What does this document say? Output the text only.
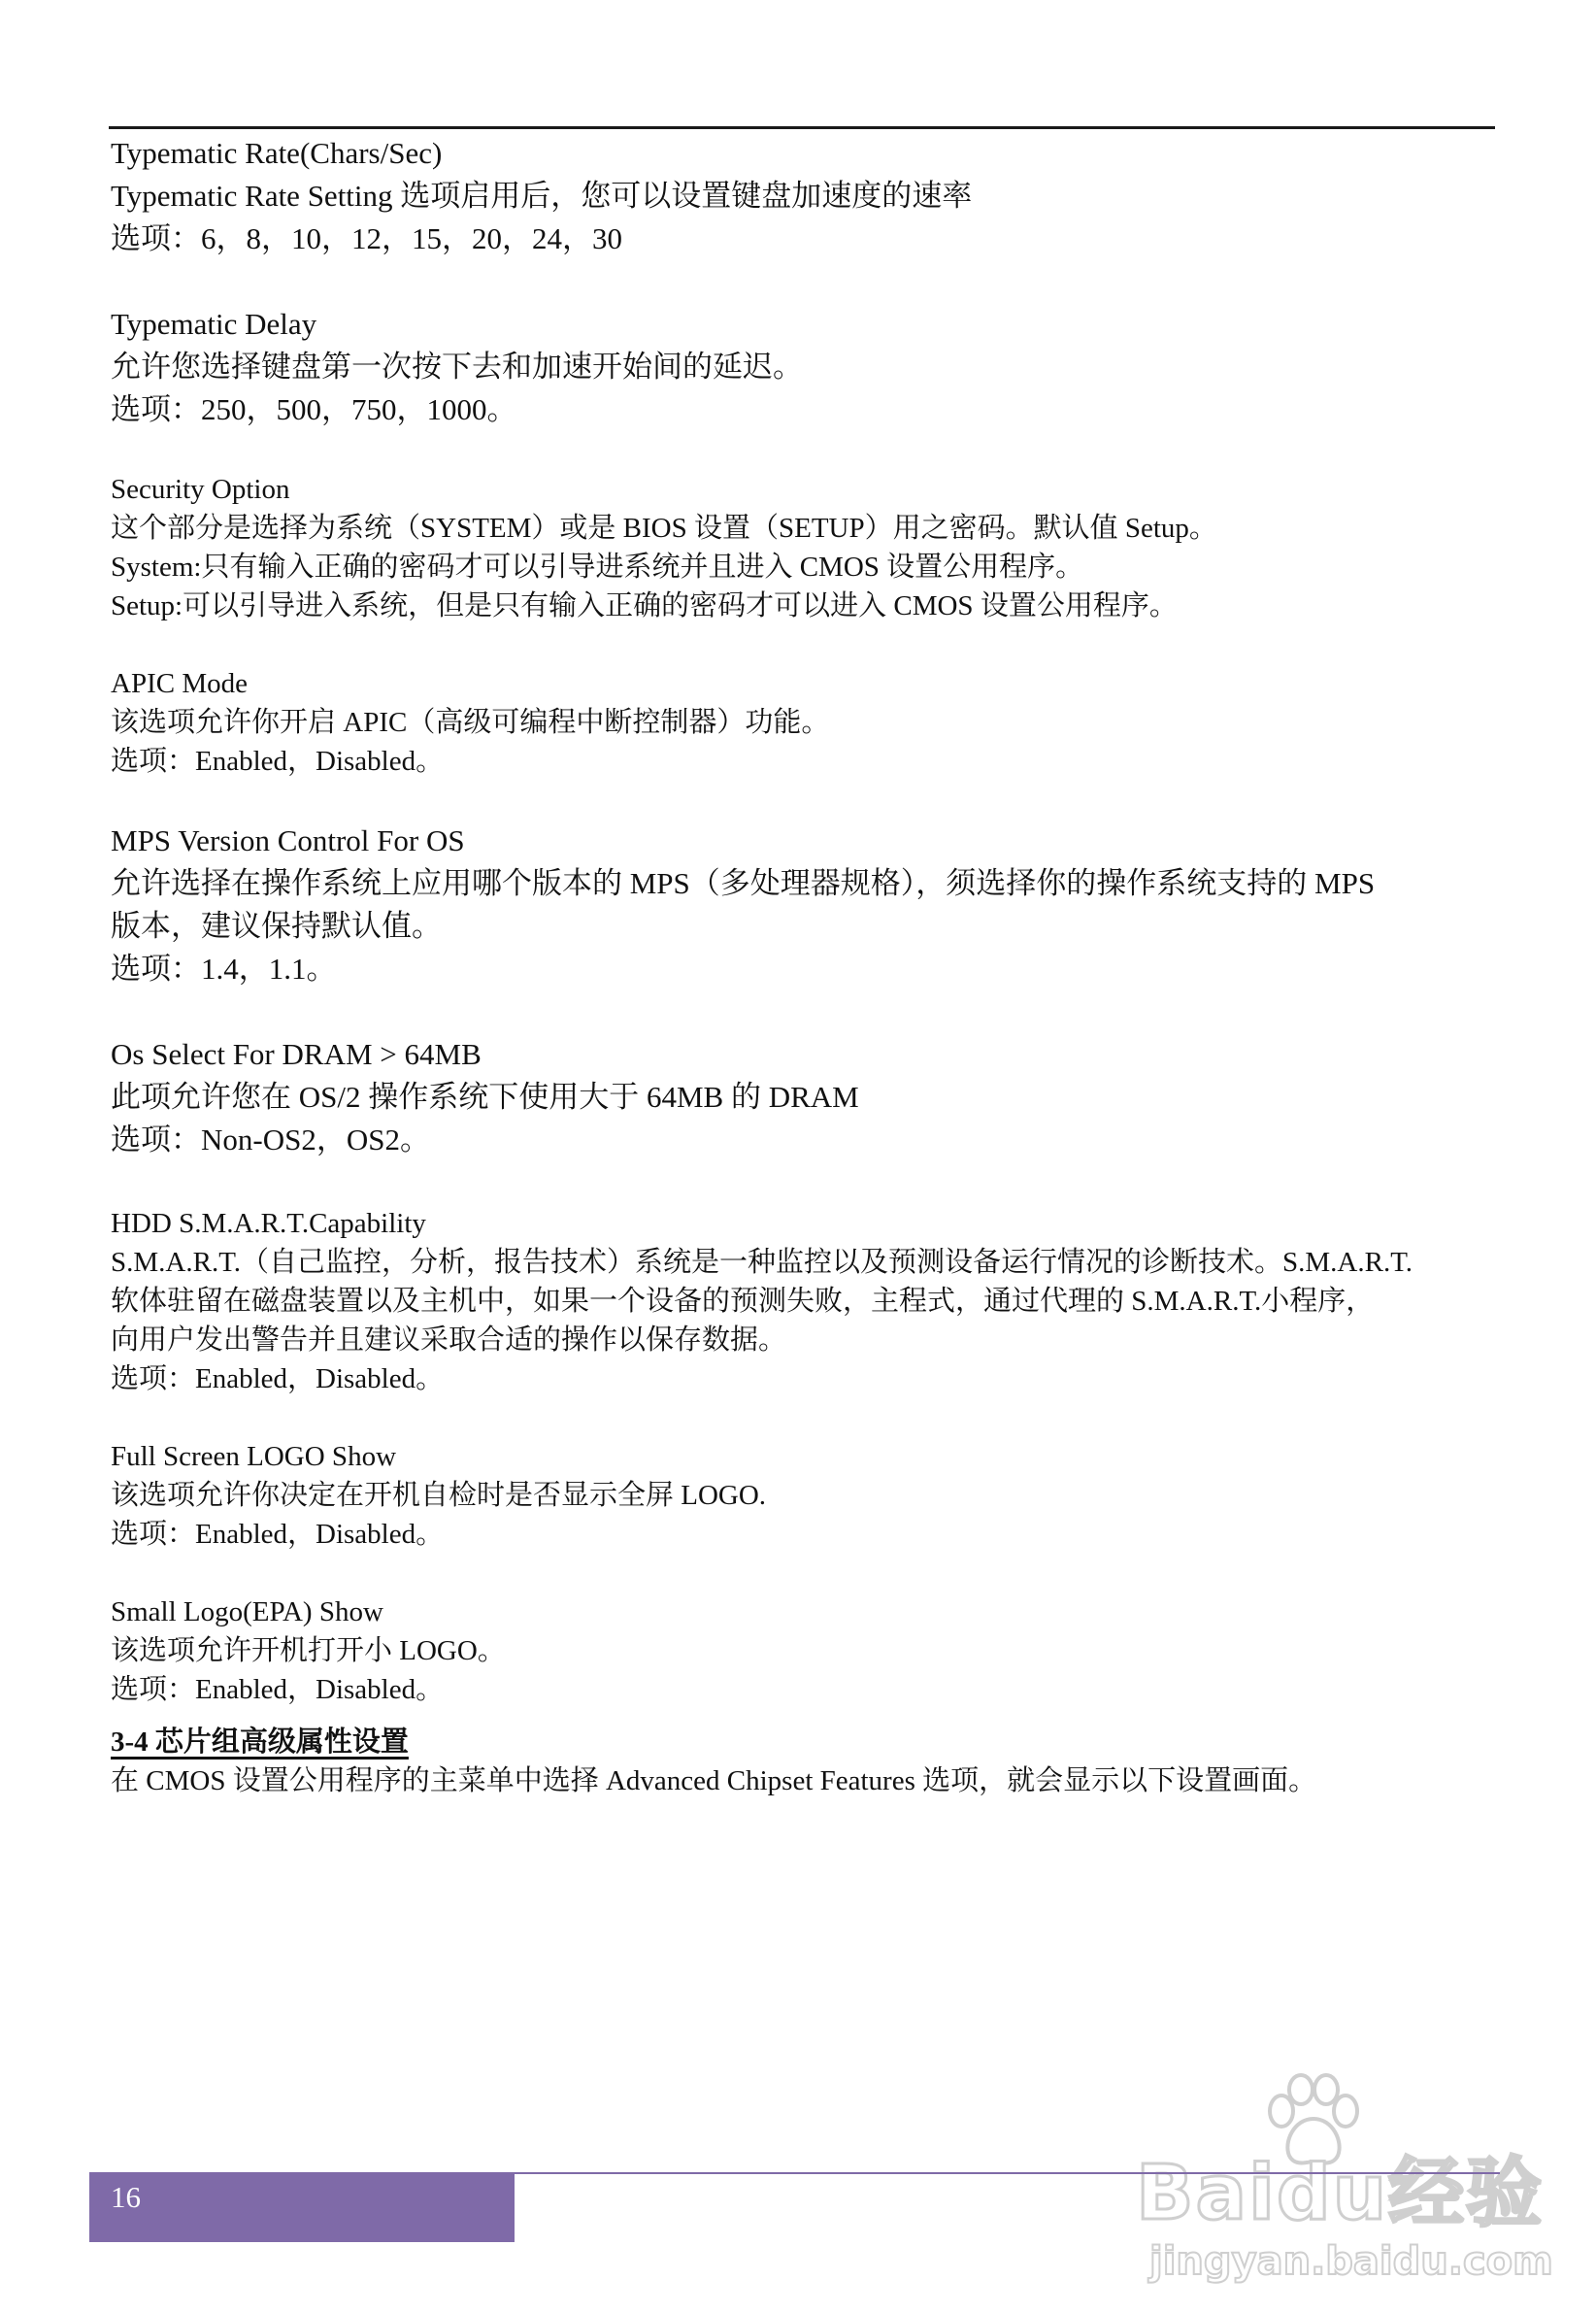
Typematic Rate(Chars/Sec)

Typematic Rate Setting 选项启用后，您可以设置键盘加速度的速率

选项：6，8，10，12，15，20，24，30

Typematic Delay

允许您选择键盘第一次按下去和加速开始间的延迟。

选项：250，500，750，1000。

Security Option

这个部分是选择为系统（SYSTEM）或是 BIOS 设置（SETUP）用之密码。默认值 Setup。

System:只有输入正确的密码才可以引导进系统并且进入 CMOS 设置公用程序。

Setup:可以引导进入系统，但是只有输入正确的密码才可以进入 CMOS 设置公用程序。

APIC Mode

该选项允许你开启 APIC（高级可编程中断控制器）功能。

选项：Enabled，Disabled。

MPS Version Control For OS

允许选择在操作系统上应用哪个版本的 MPS（多处理器规格），须选择你的操作系统支持的 MPS

版本，建议保持默认值。

选项：1.4，1.1。

Os Select For DRAM > 64MB

此项允许您在 OS/2 操作系统下使用大于 64MB 的 DRAM

选项：Non-OS2，OS2。

HDD S.M.A.R.T.Capability

S.M.A.R.T.（自己监控，分析，报告技术）系统是一种监控以及预测设备运行情况的诊断技术。S.M.A.R.T.

软体驻留在磁盘装置以及主机中，如果一个设备的预测失败，主程式，通过代理的 S.M.A.R.T.小程序，

向用户发出警告并且建议采取合适的操作以保存数据。

选项：Enabled，Disabled。

Full Screen LOGO Show

该选项允许你决定在开机自检时是否显示全屏 LOGO.

选项：Enabled，Disabled。

Small Logo(EPA) Show

该选项允许开机打开小 LOGO。

选项：Enabled，Disabled。

3-4 芯片组高级属性设置

在 CMOS 设置公用程序的主菜单中选择 Advanced Chipset Features 选项，就会显示以下设置画面。

Baidu经验
jingyan.baidu.com
16
